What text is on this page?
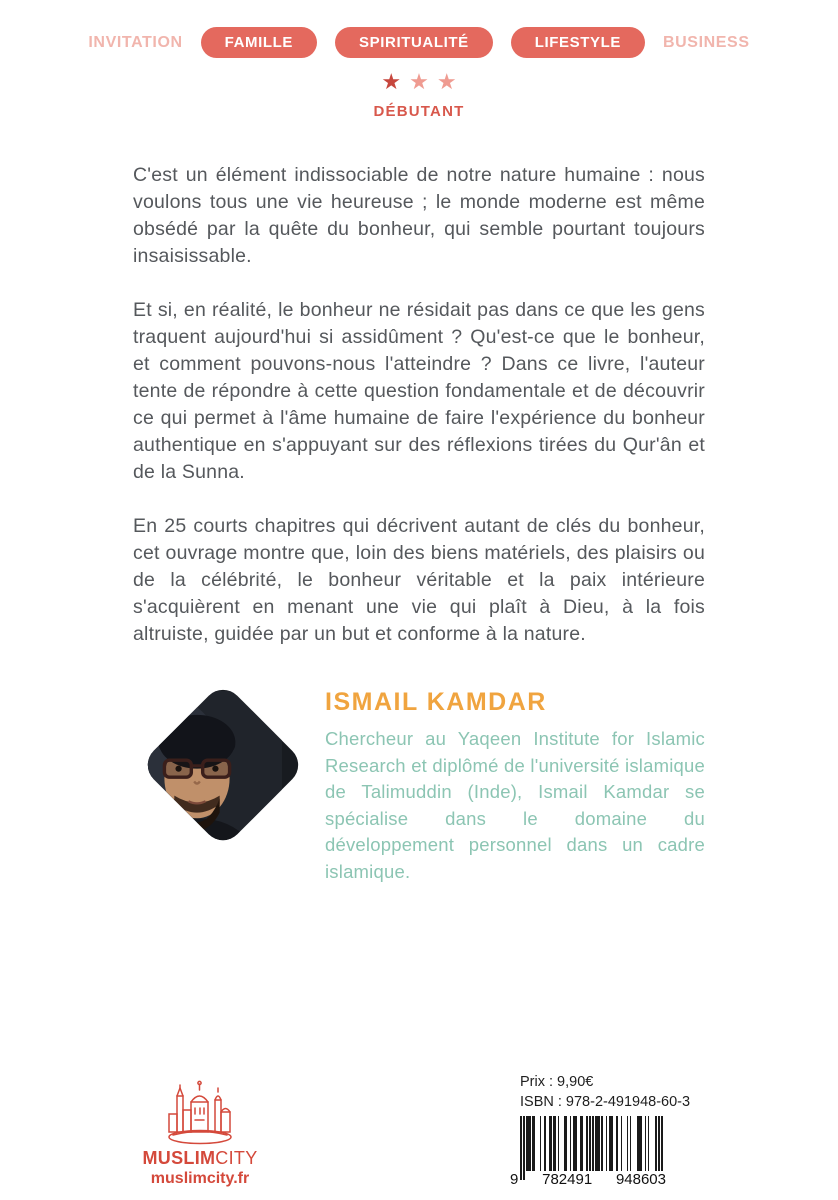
INVITATION	FAMILLE	SPIRITUALITÉ	LIFESTYLE	BUSINESS
★ ★ ★
DÉBUTANT

C'est un élément indissociable de notre nature humaine : nous voulons tous une vie heureuse ; le monde moderne est même obsédé par la quête du bonheur, qui semble pourtant toujours insaisissable.

Et si, en réalité, le bonheur ne résidait pas dans ce que les gens traquent aujourd'hui si assidûment ? Qu'est-ce que le bonheur, et comment pouvons-nous l'atteindre ? Dans ce livre, l'auteur tente de répondre à cette question fondamentale et de découvrir ce qui permet à l'âme humaine de faire l'expérience du bonheur authentique en s'appuyant sur des réflexions tirées du Qur'ân et de la Sunna.

En 25 courts chapitres qui décrivent autant de clés du bonheur, cet ouvrage montre que, loin des biens matériels, des plaisirs ou de la célébrité, le bonheur véritable et la paix intérieure s'acquièrent en menant une vie qui plaît à Dieu, à la fois altruiste, guidée par un but et conforme à la nature.

ISMAIL KAMDAR

Chercheur au Yaqeen Institute for Islamic Research et diplômé de l'université islamique de Talimuddin (Inde), Ismail Kamdar se spécialise dans le domaine du développement personnel dans un cadre islamique.

MUSLIMCITY
muslimcity.fr
Prix : 9,90€
ISBN : 978-2-491948-60-3
9 782491 948603
